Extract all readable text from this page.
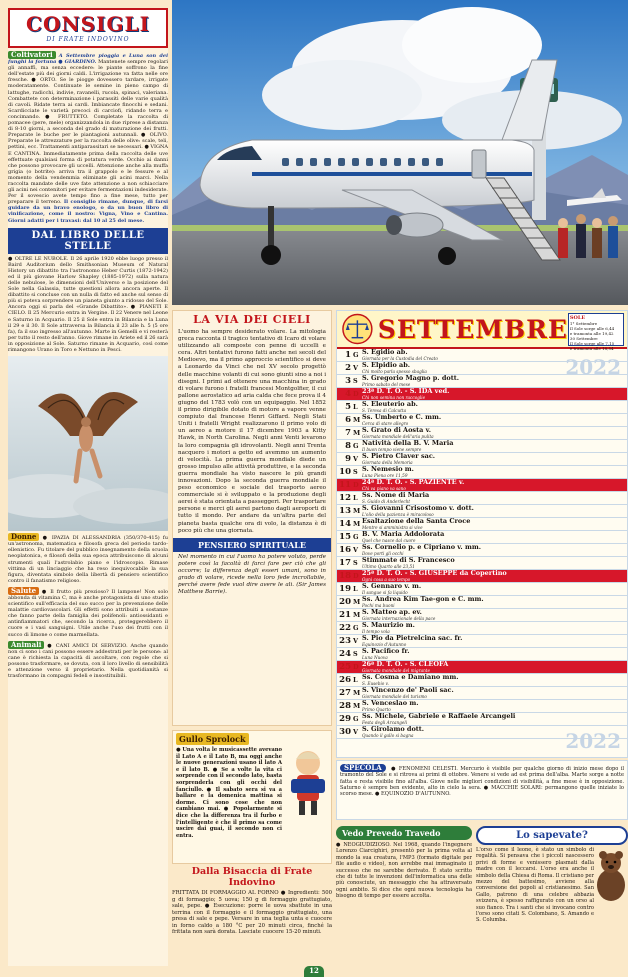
CONSIGLI
DI FRATE INDOVINO
Coltivatori A Settembre pioggia e Luna son dei funghi la fortuna ● GIARDINO. Mantenete sempre regolari gli annaffi, ma senza eccedere: le piante soffrono la fine dell'estate più dei giorni caldi. L'irrigazione va fatta nelle ore fresche. ● ORTO. Se le piogge dovessero tardare, irrigate moderatamente. Continuate le semine in pieno campo di lattughe, radicchi, indivie, ravanelli, rucola, spinaci, valeriana. Combattete con determinazione i parassiti delle varie qualità di cavoli. Ridate terra ai cardi. Imbiancate finocchi e sedani. Scardicciate le varietà precoci di carciofi, ridando terra e concimando. ● FRUTTETO. Completate la raccolta di pomacee (pere, mele) organizzandola in due riprese a distanza di 8-10 giorni, a seconda del grado di maturazione dei frutti. Preparate le buche per le piantagioni autunnali. ● OLIVO. Preparate le attrezzature per la raccolta delle olive: scale, teli, pettini, ecc. Trattamenti antiparassitari se necessari. ● VIGNA E CANTINA. Immediatamente prima della raccolta delle uve effettuate qualsiasi forma di potatura verde. Occhio ai danni che possono provocare gli uccelli. Attenzione anche alla muffa grigia (o botrite): arriva tra il grappolo e le fessure e al momento della vendemmia eliminate gli acini marci. Nella raccolta mandate delle uve fate attenzione a non schiacciare gli acini nei contenitori per evitare fermentazioni indesiderate. Per il sovescio avete tempo fino a fine mese, tutto per preparare il terreno. Il consiglio rimane, dunque, di farsi guidare da un bravo enologo, o da un buon libro di vinificazione, come il nostro: Vigna, Vino e Cantina. Giorni adatti per i travasi: dal 10 al 25 del mese.
DAL LIBRO DELLE STELLE
● OLTRE LE NUBOLE. Il 26 aprile 1920 ebbe luogo presso il Baird Auditorium dello Smithsonian Museum of Natural History un dibattito tra l'astronomo Heber Curtis (1872-1942) ed il più giovane Harlow Shapley (1885-1972) sulla natura delle nebulose, le dimensioni dell'Universo e la posizione del Sole nella Galassia, tutte questioni allora ancora aperte. Il dibattito si concluse con un nulla di fatto ed anche sul senso di più si poteva sorprendere un pianeta giunto a ridosso del Sole. Ancora oggi si parla del «Grande Dibattito». ● PIANETI E CIELO. Il 25 Mercurio entra in Vergine. Il 22 Venere nel Leone e Saturno in Acquario. Il 25 il Sole entra in Bilancia e la Luna il 29 e il 30. Il Sole attraversa la Bilancia il 23 alle h. 5 (5 ore fa), fa il suo ingresso all'autunno. Marte in Gemelli e vi resterà per tutto il resto dell'anno. Giove rimane in Ariete ed il 26 sarà in opposizione al Sole. Saturno rimane in Acquario, così come rimangono Urano in Toro e Nettuno in Pesci.
Donne ● IPAZIA DI ALESSANDRIA (350/370-415) fu un'astronoma, matematica e filosofa greca del periodo tardo-ellenistico. Fu titolare del pubblico insegnamento della scuola neoplatonica, e filosofi della sua epoca attribuiscono di alcuni strumenti quali l'astrolabio piano e l'idroscopio. Rimase vittima di un linciaggio che ha reso inequivocabile la sua figura, diventata simbolo della libertà di pensiero scientifico contro il fanatismo religioso.
Salute ● Il frutto più prezioso? Il lampone! Non solo abbonda di vitamina C, ma è anche protagonista di uno studio scientifico sull'efficacia del suo succo per la prevenzione delle malattie cardiovascolari. Gli effetti sono attribuiti a sostanze che fanno parte della famiglia dei polifenoli: antiossidanti e antinfiammatori che, secondo la ricerca, proteggerebbero il cuore e i vasi sanguigni. Utile anche l'uso dei frutti con il succo di limone o come marmellata.
Animali ● CANI AMICI DI SERVIZIO. Anche quando non ci sono i cani possono essere addestrati per le persone: al cane è richiesta la capacità di ascoltare, con regole che si possono trasformare, se dovuta, con il loro livello di sensibilità e attenzione verso il proprietario. Nella quotidianità si trasformano in compagni fedeli e insostituibili.
LA VIA DEI CIELI
L'uomo ha sempre desiderato volare. La mitologia greca racconta il tragico tentativo di Icaro di volare utilizzando ali composte con penne di uccelli e cera. Altri tentativi furono fatti anche nei secoli del Medioevo, ma il primo approccio scientifico si deve a Leonardo da Vinci che nel XV secolo progettò delle macchine volanti di cui sono giunti sino a noi i disegni. I primi ad ottenere una macchina in grado di volare furono i fratelli francesi Montgolfier, il cui pallone aerostatico ad aria calda che fece prova il 4 giugno del 1783 volò con un equipaggio. Nel 1852 il primo dirigibile dotato di motore a vapore venne compiuto dal francese Henri Giffard. Negli Stati Uniti i fratelli Wright realizzarono il primo volo di un aereo a motore il 17 dicembre 1903 a Kitty Hawk, in North Carolina. Negli anni Venti levarono la loro compagnia gli idrovolanti. Negli anni Trenta nacquero i motori a getto ed avemmo un aumento di velocità. La prima guerra mondiale diede un grosso impulso alle attività produttive, e la seconda guerra mondiale ha visto nascere le più grandi innovazioni. Dopo la seconda guerra mondiale il peso economico e sociale del trasporto aereo commerciale si è sviluppato e la produzione degli aerei è stata orientata a passeggeri. Per trasportare persone e merci gli aerei partono dagli aeroporti di tutto il mondo. Per andare da un'altra parte del pianeta basta qualche ora di volo, la distanza è di poco più che una giornata.
PENSIERO SPIRITUALE
Nel momento in cui l'uomo ha potere voluto, perde potere così la facoltà di farci fare per ciò che gli occorre; la differenza degli esseri umani, sono in grado di volare, ricede nella loro fede incrollabile, perché avere fede vuol dire avere le ali. (Sir James Matthew Barrie).
Gullo Sprolock
● Una volta le musicassette avevano il Lato A e il Lato B, ma oggi anche le nuove generazioni usano il lato A e il lato B. ● Se a volte la vita ci sorprende con il secondo lato, basta sorprenderla con gli occhi del fanciullo. ● Il sabato sera si va a ballare e la domenica mattina si dorme. Ci sono cose che non cambiano mai. ● Popolarmente si dice che la differenza tra il furbo e l'intelligente è che il primo sa come uscire dai guai, il secondo non ci entra.
Dalla Bisaccia di Frate Indovino
FRITTATA DI FORMAGGIO AL FORNO ● Ingredienti: 500 g di formaggio; 5 uova; 150 g di formaggio grattugiato, sale, pepe. ● Esecuzione: porre le uova sbattute in una terrina con il formaggio e il formaggio grattugiato, una presa di sale e pepe. Versare in una teglia unta e cuocere in forno caldo a 180 °C per 20 minuti circa, finché la frittata non sarà dorata. Lasciate cuocere 15-20 minuti.
SETTEMBRE SOLE
1° Settembre
Il Sole sorge alle 6,44
e tramonta alle 19,42
30 Settembre
Il Sole sorge alle 7,15
e tramonta alle 18,54
2022
2022
1 G S. Egidio ab.
Giornata per la Custodia del Creato
2 V S. Elpidio ab.
Chi molto parla spesso sbaglia
3 S S. Gregorio Magno p. dott.
Primo sabato del mese
4 D 23ª D. T. O. - S. IDA ved.
Chi non semina non raccoglie
5 L S. Eleuterio ab.
S. Teresa di Calcutta
6 M Ss. Umberto e C. mm.
Cerca di stare allegro
7 M S. Grato di Aosta v.
Giornata mondiale dell'aria pulita
8 G Natività della B. V. Maria
Il buon tempo viene sempre
9 V S. Pietro Claver sac.
Giornata della Memoria
10 S S. Nemesio m.
Luna Piena ore 11,59
11 D 24ª D. T. O. - S. PAZIENTE v.
Chi va piano va sano
12 L Ss. Nome di Maria
S. Guido di Anderlecht
13 M S. Giovanni Crisostomo v. dott.
L'olio della pazienza è miracoloso
14 M Esaltazione della Santa Croce
Mentre si amministra si vive
15 G B. V. Maria Addolorata
Quel che nasce dal cuore
16 V Ss. Cornelio p. e Cipriano v. mm.
Dove porti gli occhi
17 S Stimmate di S. Francesco
Ultimo Quarto alle 23,51
18 D 25ª D. T. O. - S. GIUSEPPE da Copertino
Ogni cosa a suo tempo
19 L S. Gennaro v. m.
Il sangue si fa liquido
20 M Ss. Andrea Kim Tae-gon e C. mm.
Pochi ma buoni
21 M S. Matteo ap. ev.
Giornata internazionale della pace
22 G S. Maurizio m.
Il tempo vola
23 V S. Pio da Pietrelcina sac. fr.
Equinozio d'Autunno
24 S S. Pacifico fr.
Luna Nuova
25 D 26ª D. T. O. - S. CLEOFA
Giornata mondiale del migrante
26 L Ss. Cosma e Damiano mm.
S. Eusebio v.
27 M S. Vincenzo de' Paoli sac.
Giornata mondiale del turismo
28 M S. Venceslao m.
Primo Quarto
29 G Ss. Michele, Gabriele e Raffaele Arcangeli
Festa degli Arcangeli
30 V S. Girolamo dott.
Quando il gallo si bagna
SPECOLA ● FENOMENI CELESTI. Mercurio è visibile per qualche giorno di inizio mese dopo il tramonto del Sole e si ritrova ai primi di ottobre. Venere si vede ad est prima dell'alba. Marte sorge a notte fatta e resta visibile fino all'alba. Giove nelle migliori condizioni di visibilità, a fine mese è in opposizione. Saturno è sempre ben evidente, alto in cielo la sera. ● MACCHIE SOLARI: permangono quelle iniziate lo scorso mese. ● EQUINOZIO D'AUTUNNO.
Vedo Prevedo Travedo
● NEOGIUDIZIOSO. Nel 1968, quando l'ingegnere Lorenzo Ciarcighiri, presentò per la prima volta al mondo la sua creatura, l'MP3 (formato digitale per file audio e video), non avrebbe mai immaginato il successo che ne sarebbe derivato. È stato scritto che di tutte le invenzioni dell'informatica una delle più conosciute, un messaggio che ha attraversato ogni ambito. Si dice che ogni nuova tecnologia ha bisogno di tempo per essere accolta.
Lo sapevate?
L'orso come il leone, è stato un simbolo di regalità. Si pensava che i piccoli nascessero privi di forme e venissero plasmati dalla madre con il leccarsi. L'orso era anche il simbolo della Chiesa di Roma. Il cristiano per mezzo del battesimo, avviene alla conversione dei popoli al cristianesimo. San Gallo, patrono di una celebre abbazia svizzera, è spesso raffigurato con un orso al suo fianco. Tra i santi che si invocano contro l'orso sono citati S. Colombano, S. Amando e S. Columba.
12
